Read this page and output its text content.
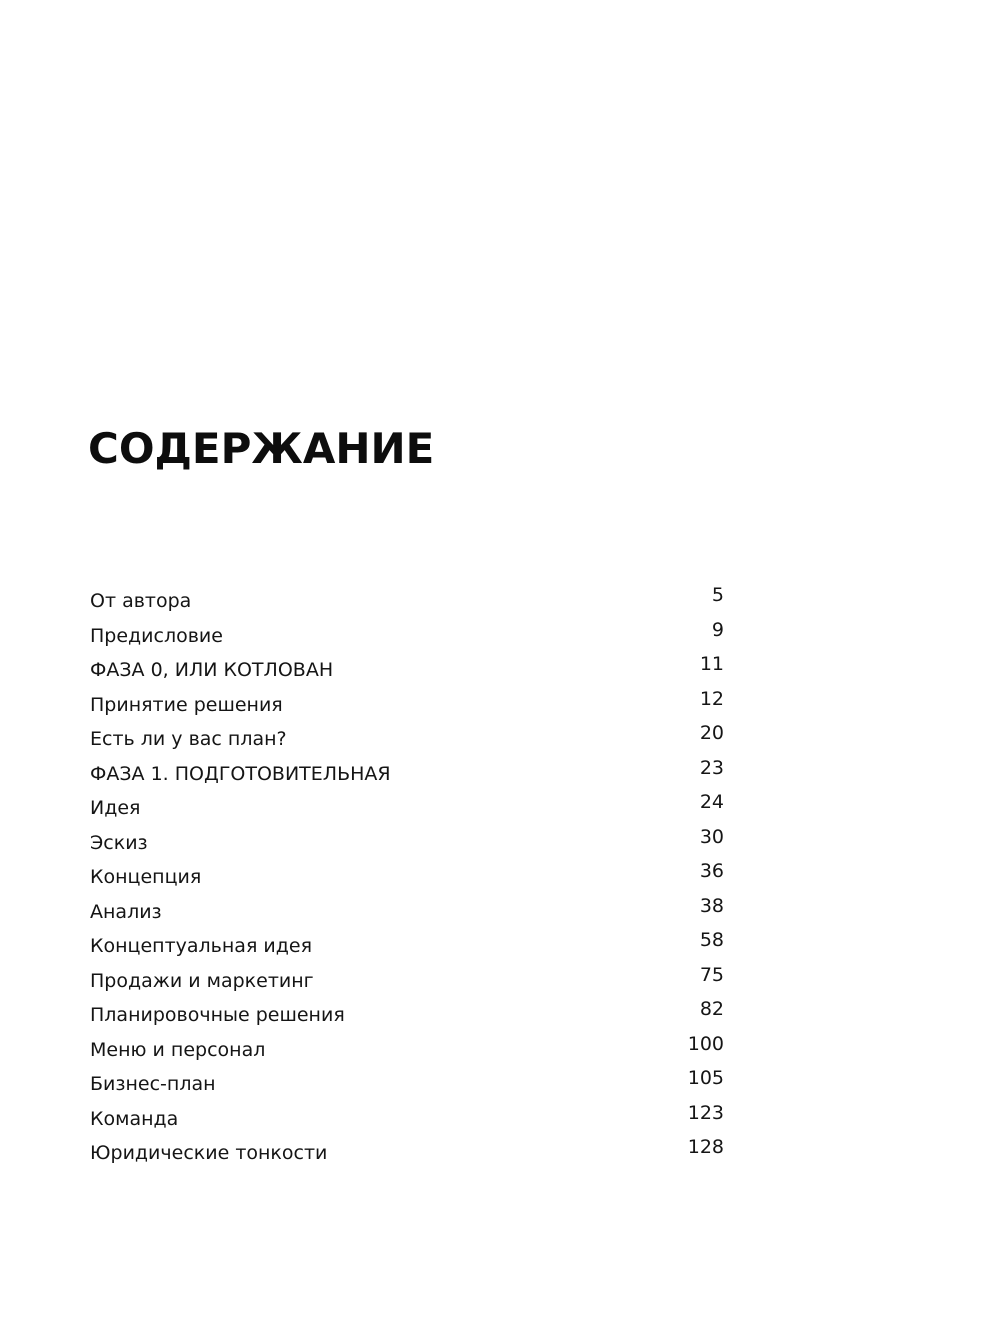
СОДЕРЖАНИЕ
От автора	5
Предисловие	9
ФАЗА 0, ИЛИ КОТЛОВАН	11
Принятие решения	12
Есть ли у вас план?	20
ФАЗА 1. ПОДГОТОВИТЕЛЬНАЯ	23
Идея	24
Эскиз	30
Концепция	36
Анализ	38
Концептуальная идея	58
Продажи и маркетинг	75
Планировочные решения	82
Меню и персонал	100
Бизнес-план	105
Команда	123
Юридические тонкости	128
